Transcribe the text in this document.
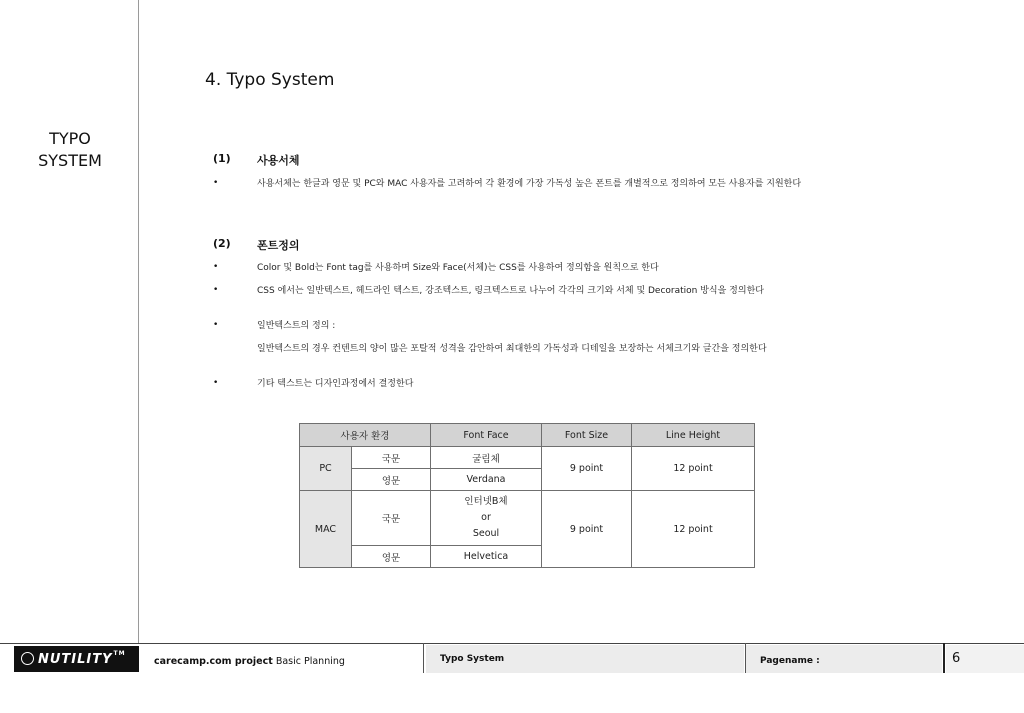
TYPO
SYSTEM
4. Typo System
(1) 사용서체
•	사용서체는 한글과 영문 및 PC와 MAC 사용자를 고려하여 각 환경에 가장 가독성 높은 폰트를 개별적으로 정의하여 모든 사용자를 지원한다
(2) 폰트정의
•	Color 및 Bold는 Font tag를 사용하며 Size와 Face(서체)는 CSS를 사용하여 정의함을 원칙으로 한다
•	CSS 에서는 일반텍스트, 헤드라인 텍스트, 강조텍스트, 링크텍스트로 나누어 각각의 크기와 서체 및 Decoration 방식을 정의한다
•	일반텍스트의 정의 :
일반텍스트의 경우 컨텐트의 양이 많은 포탈적 성격을 감안하여 최대한의 가독성과 디테일을 보장하는 서체크기와 글간을 정의한다
•	기타 텍스트는 디자인과정에서 결정한다
사용자 환경		Font Face	Font Size	Line Height
PC	국문	굴림체	9 point	12 point
	영문	Verdana		
MAC	국문	인터넷B체
or
Seoul	9 point	12 point
	영문	Helvetica		
NUTILITY TM
carecamp.com project Basic Planning	Typo System	Pagename :	6
